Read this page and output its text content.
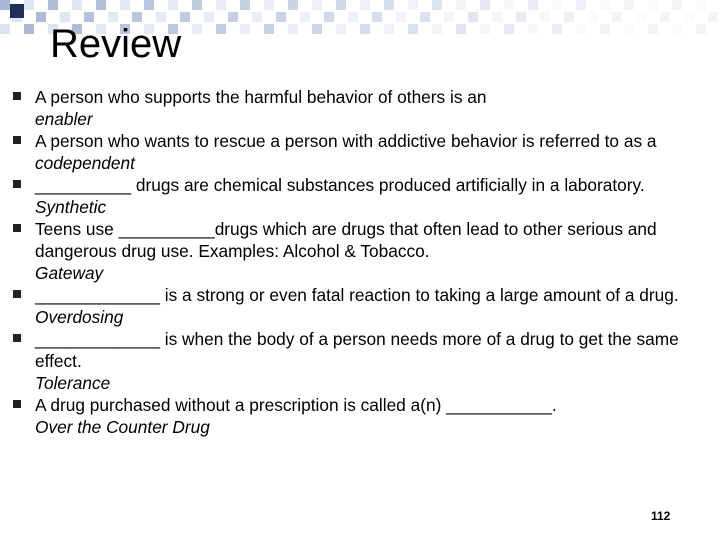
Review
A person who supports the harmful behavior of others is an
enabler
A person who wants to rescue a person with addictive behavior is referred to as a
codependent
__________ drugs are chemical substances produced artificially in a laboratory.
Synthetic
Teens use __________drugs which are drugs that often lead to other serious and dangerous drug use. Examples: Alcohol & Tobacco.
Gateway
_____________ is a strong or even fatal reaction to taking a large amount of a drug.
Overdosing
_____________ is when the body of a person needs more of a drug to get the same effect.
Tolerance
A drug purchased without a prescription is called a(n) ___________.
Over the Counter Drug
112
